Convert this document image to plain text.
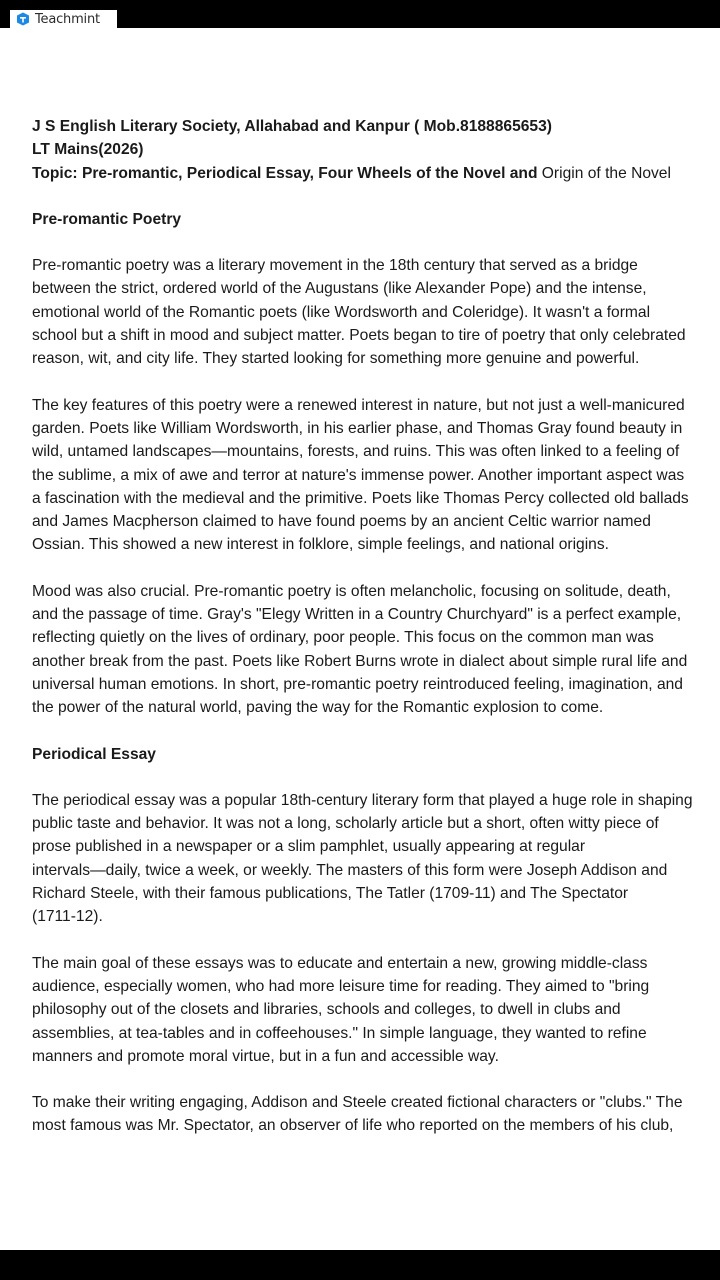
Teachmint
J S English Literary Society, Allahabad and Kanpur ( Mob.8188865653)
LT Mains(2026)
Topic: Pre-romantic, Periodical Essay, Four Wheels of the Novel and Origin of the Novel
Pre-romantic Poetry
Pre-romantic poetry was a literary movement in the 18th century that served as a bridge
between the strict, ordered world of the Augustans (like Alexander Pope) and the intense,
emotional world of the Romantic poets (like Wordsworth and Coleridge). It wasn't a formal
school but a shift in mood and subject matter. Poets began to tire of poetry that only celebrated
reason, wit, and city life. They started looking for something more genuine and powerful.
The key features of this poetry were a renewed interest in nature, but not just a well-manicured
garden. Poets like William Wordsworth, in his earlier phase, and Thomas Gray found beauty in
wild, untamed landscapes—mountains, forests, and ruins. This was often linked to a feeling of
the sublime, a mix of awe and terror at nature's immense power. Another important aspect was
a fascination with the medieval and the primitive. Poets like Thomas Percy collected old ballads
and James Macpherson claimed to have found poems by an ancient Celtic warrior named
Ossian. This showed a new interest in folklore, simple feelings, and national origins.
Mood was also crucial. Pre-romantic poetry is often melancholic, focusing on solitude, death,
and the passage of time. Gray's "Elegy Written in a Country Churchyard" is a perfect example,
reflecting quietly on the lives of ordinary, poor people. This focus on the common man was
another break from the past. Poets like Robert Burns wrote in dialect about simple rural life and
universal human emotions. In short, pre-romantic poetry reintroduced feeling, imagination, and
the power of the natural world, paving the way for the Romantic explosion to come.
Periodical Essay
The periodical essay was a popular 18th-century literary form that played a huge role in shaping
public taste and behavior. It was not a long, scholarly article but a short, often witty piece of
prose published in a newspaper or a slim pamphlet, usually appearing at regular
intervals—daily, twice a week, or weekly. The masters of this form were Joseph Addison and
Richard Steele, with their famous publications, The Tatler (1709-11) and The Spectator
(1711-12).
The main goal of these essays was to educate and entertain a new, growing middle-class
audience, especially women, who had more leisure time for reading. They aimed to "bring
philosophy out of the closets and libraries, schools and colleges, to dwell in clubs and
assemblies, at tea-tables and in coffeehouses." In simple language, they wanted to refine
manners and promote moral virtue, but in a fun and accessible way.
To make their writing engaging, Addison and Steele created fictional characters or "clubs." The
most famous was Mr. Spectator, an observer of life who reported on the members of his club,
